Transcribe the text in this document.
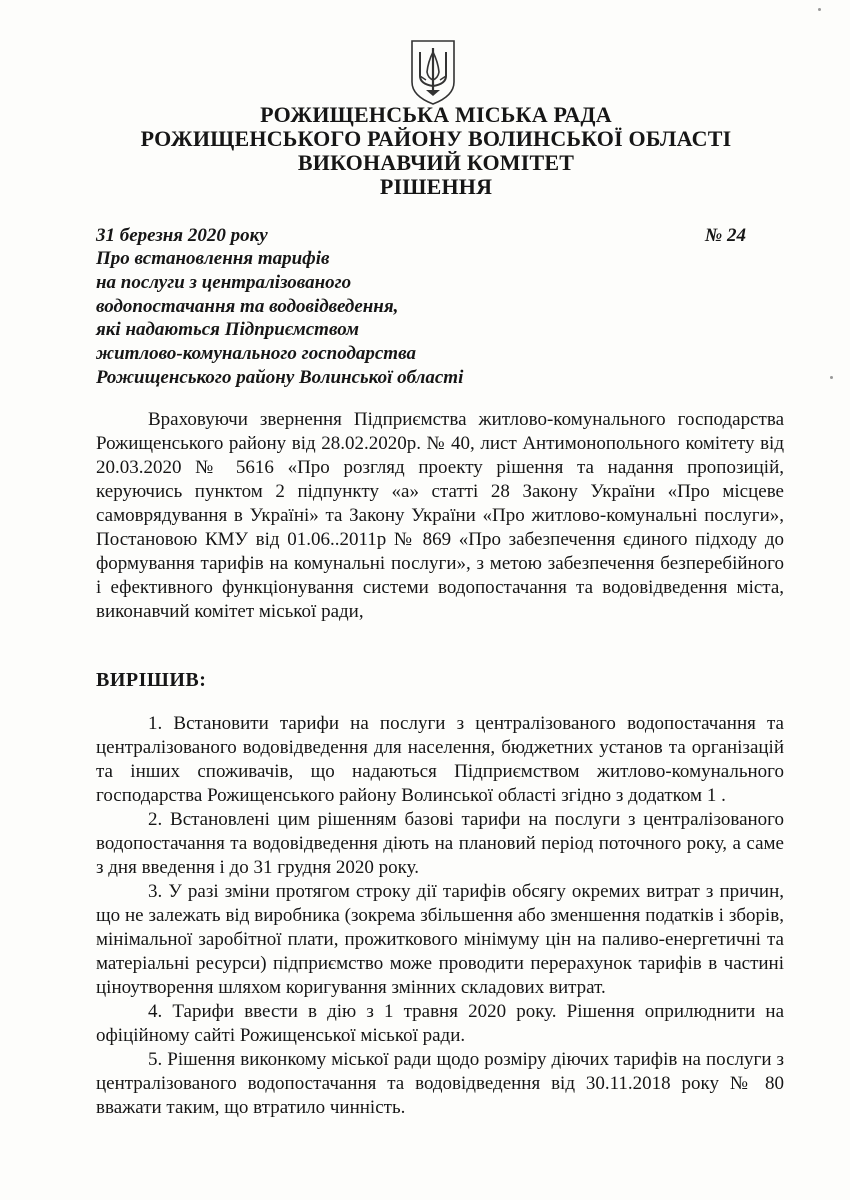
РОЖИЩЕНСЬКА МІСЬКА РАДА
РОЖИЩЕНСЬКОГО РАЙОНУ ВОЛИНСЬКОЇ ОБЛАСТІ
ВИКОНАВЧИЙ КОМІТЕТ
РІШЕННЯ
31 березня 2020 року	№ 24
Про встановлення тарифів
на послуги з централізованого
водопостачання та водовідведення,
які надаються Підприємством
житлово-комунального господарства
Рожищенського району Волинської області
Враховуючи звернення Підприємства житлово-комунального господарства Рожищенського району від 28.02.2020р. № 40, лист Антимонопольного комітету від 20.03.2020 № 5616 «Про розгляд проекту рішення та надання пропозицій, керуючись пунктом 2 підпункту «а» статті 28 Закону України «Про місцеве самоврядування в Україні» та Закону України «Про житлово-комунальні послуги», Постановою КМУ від 01.06..2011р № 869 «Про забезпечення єдиного підходу до формування тарифів на комунальні послуги», з метою забезпечення безперебійного і ефективного функціонування системи водопостачання та водовідведення міста, виконавчий комітет міської ради,
ВИРІШИВ:

1. Встановити тарифи на послуги з централізованого водопостачання та централізованого водовідведення для населення, бюджетних установ та організацій та інших споживачів, що надаються Підприємством житлово-комунального господарства Рожищенського району Волинської області згідно з додатком 1 .

2. Встановлені цим рішенням базові тарифи на послуги з централізованого водопостачання та водовідведення діють на плановий період поточного року, а саме з дня введення і до 31 грудня 2020 року.

3. У разі зміни протягом строку дії тарифів обсягу окремих витрат з причин, що не залежать від виробника (зокрема збільшення або зменшення податків і зборів, мінімальної заробітної плати, прожиткового мінімуму цін на паливо-енергетичні та матеріальні ресурси) підприємство може проводити перерахунок тарифів в частині ціноутворення шляхом коригування змінних складових витрат.

4. Тарифи ввести в дію з 1 травня 2020 року. Рішення оприлюднити на офіційному сайті Рожищенської міської ради.

5. Рішення виконкому міської ради щодо розміру діючих тарифів на послуги з централізованого водопостачання та водовідведення від 30.11.2018 року № 80 вважати таким, що втратило чинність.
